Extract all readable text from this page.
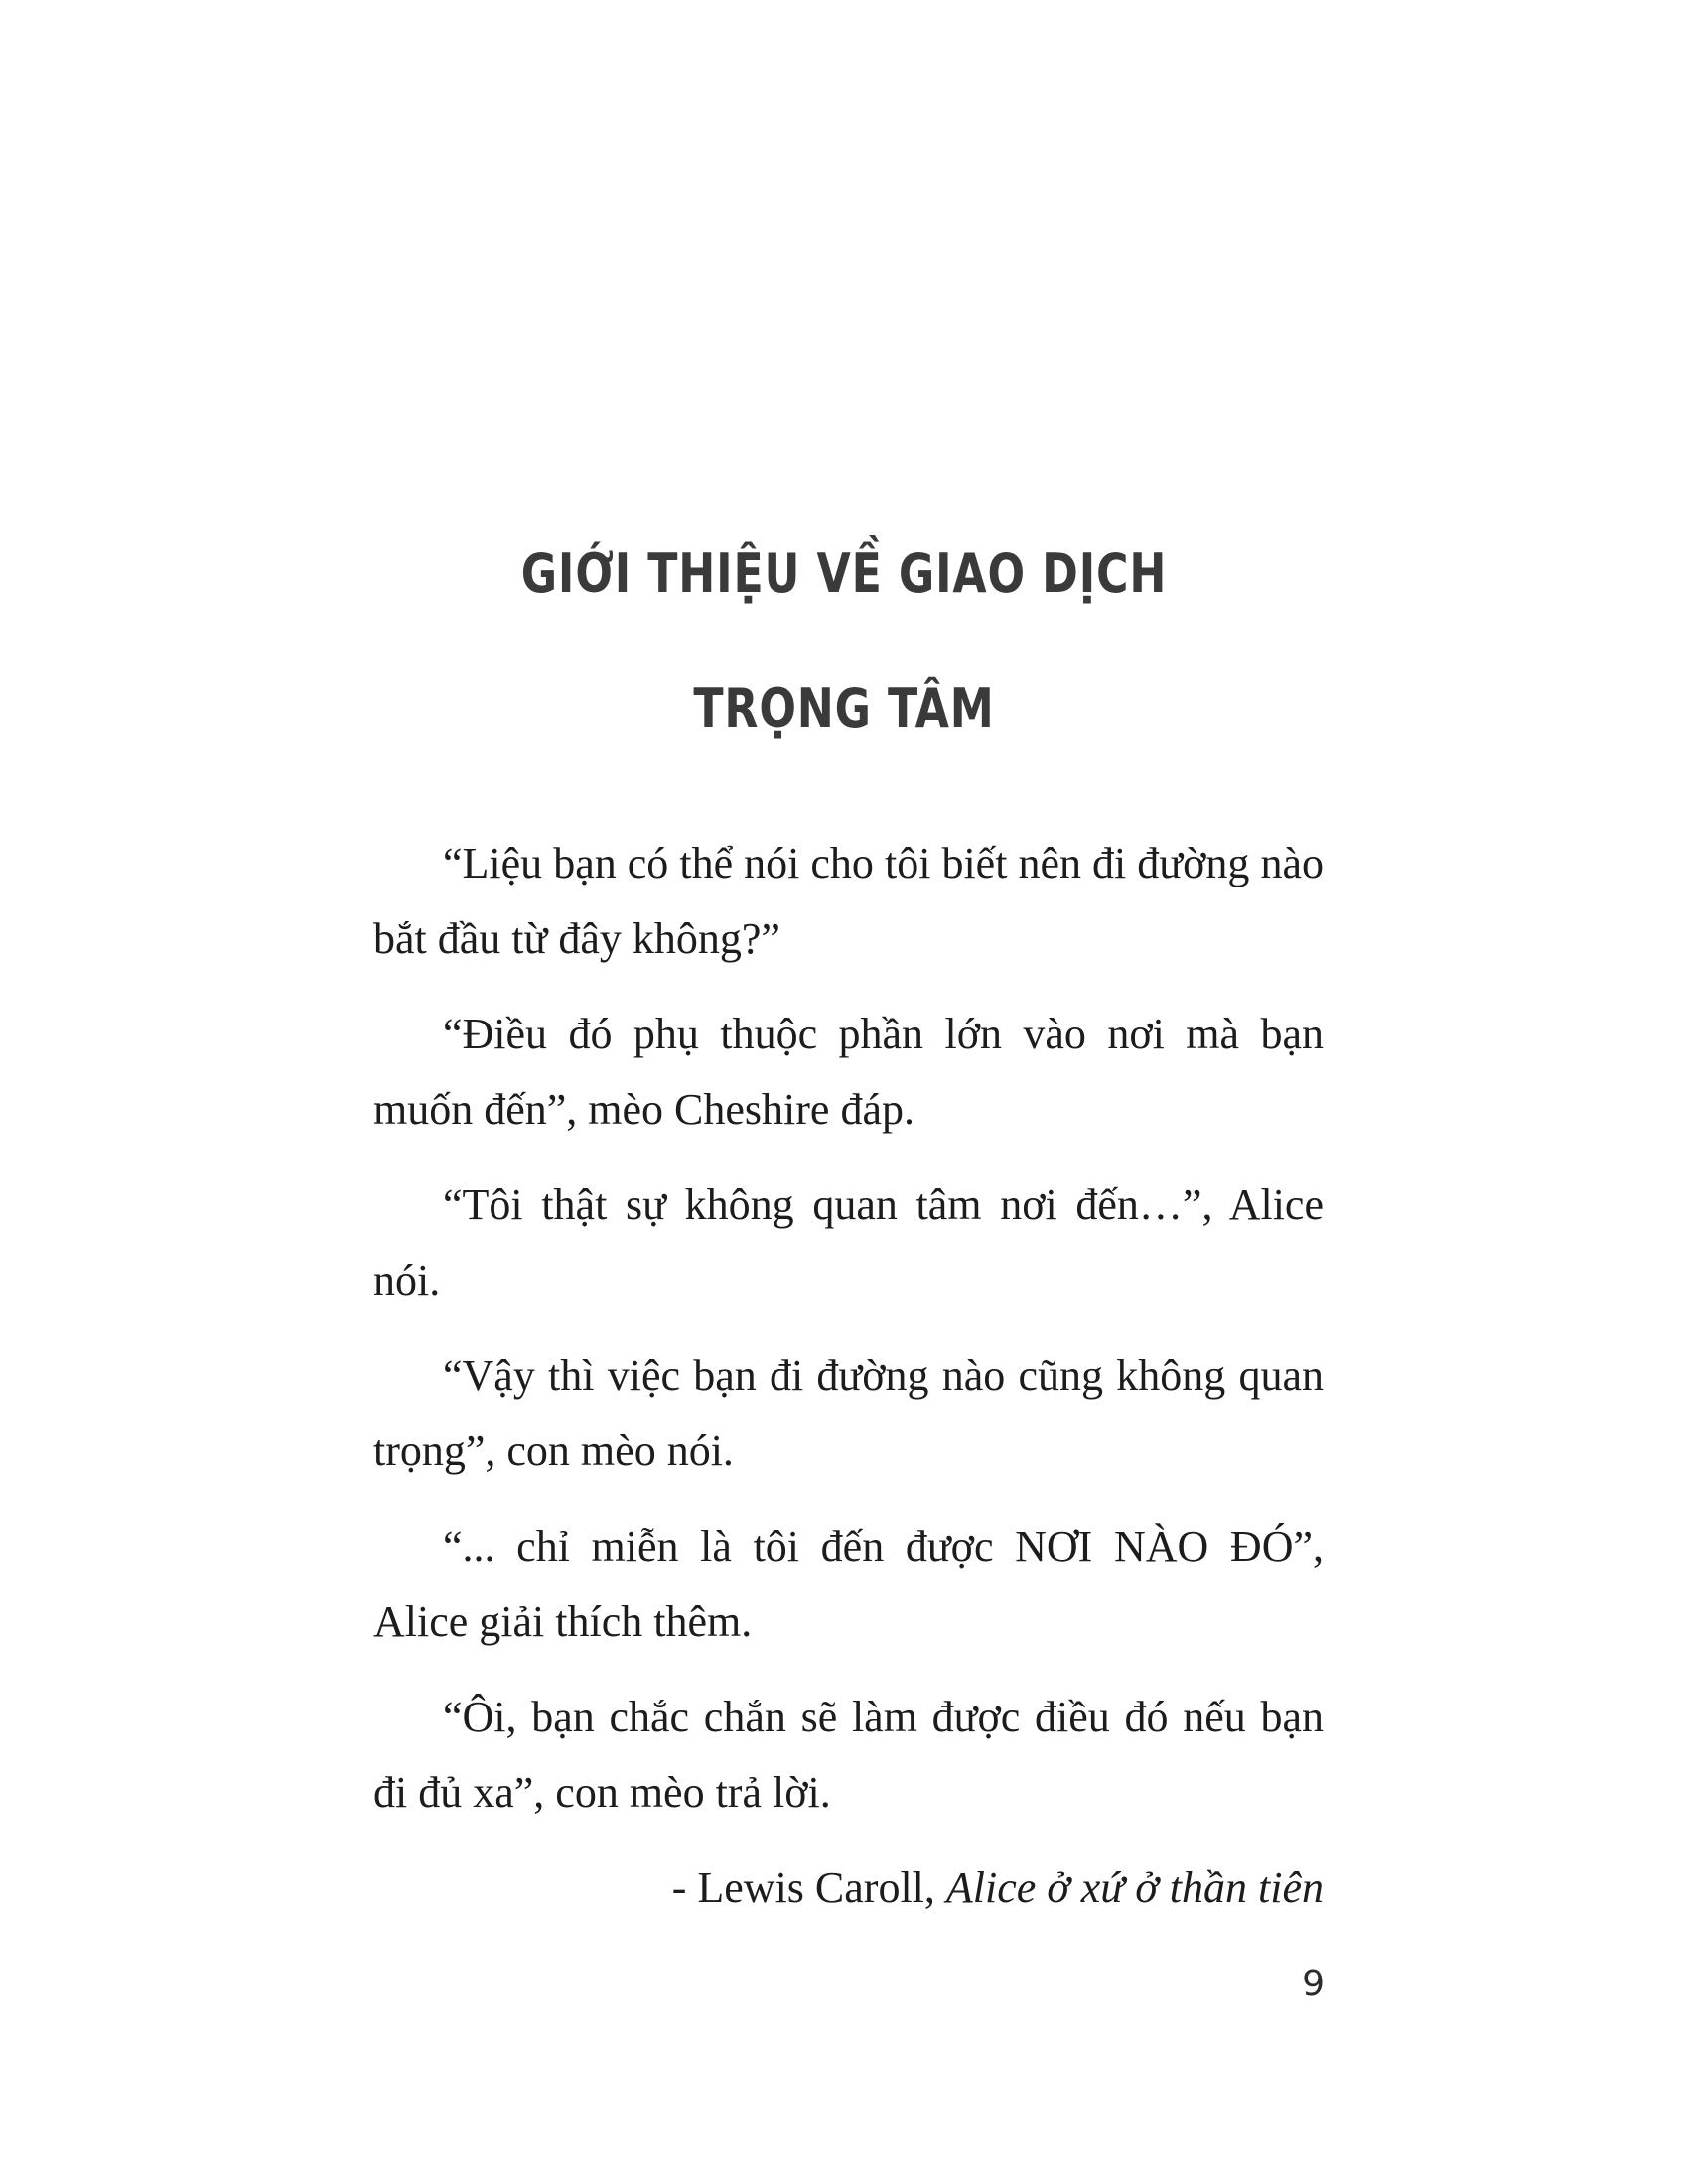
GIỚI THIỆU VỀ GIAO DỊCH
TRỌNG TÂM

“Liệu bạn có thể nói cho tôi biết nên đi đường nào bắt đầu từ đây không?”

“Điều đó phụ thuộc phần lớn vào nơi mà bạn muốn đến”, mèo Cheshire đáp.

“Tôi thật sự không quan tâm nơi đến…”, Alice nói.

“Vậy thì việc bạn đi đường nào cũng không quan trọng”, con mèo nói.

“... chỉ miễn là tôi đến được NƠI NÀO ĐÓ”, Alice giải thích thêm.

“Ôi, bạn chắc chắn sẽ làm được điều đó nếu bạn đi đủ xa”, con mèo trả lời.

- Lewis Caroll, Alice ở xứ ở thần tiên

9
